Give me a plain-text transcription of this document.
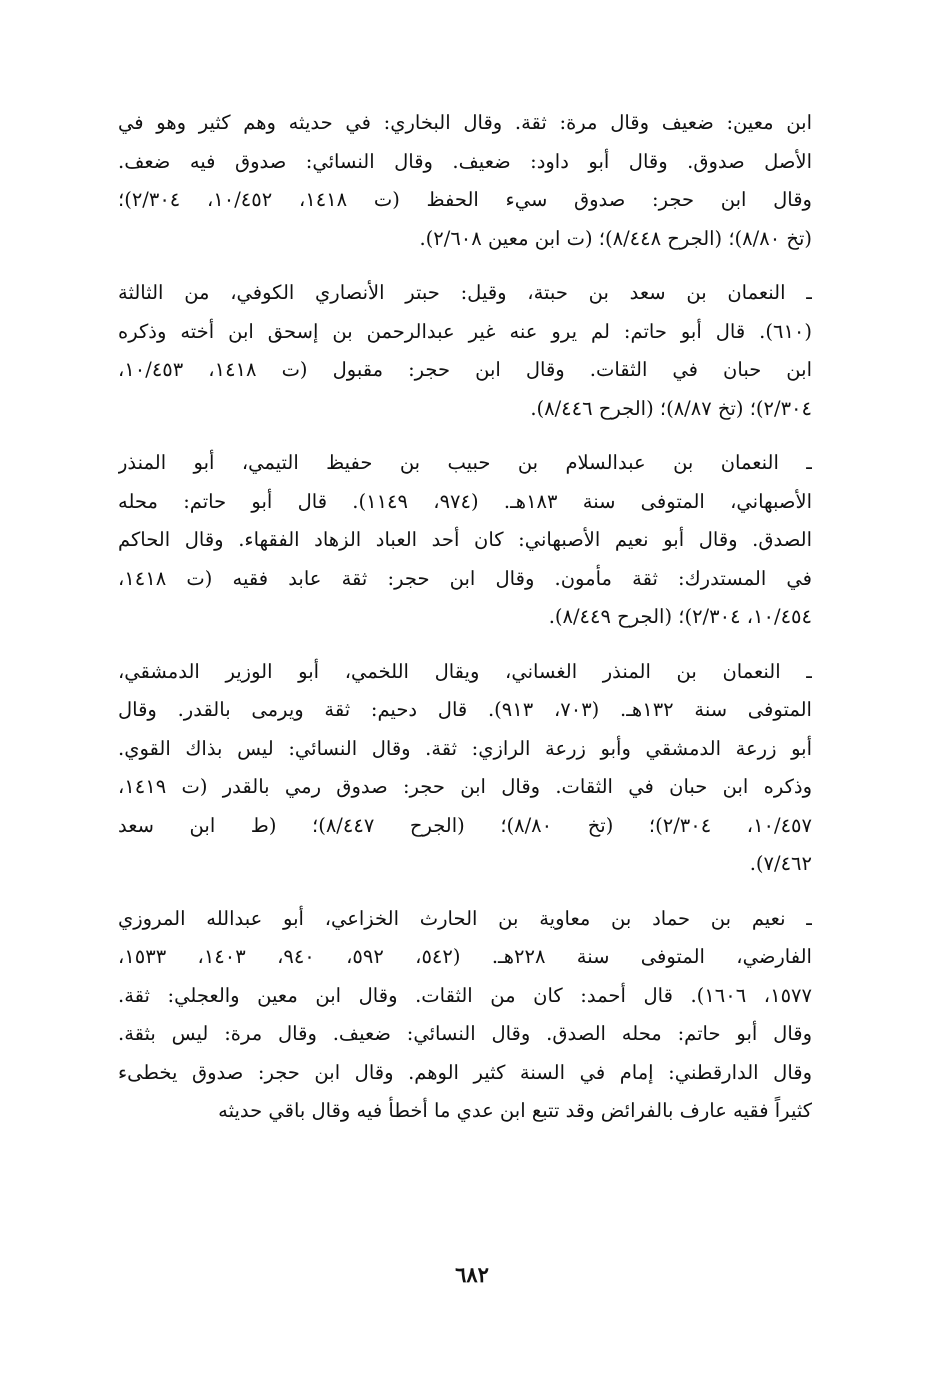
ابن معين: ضعيف وقال مرة: ثقة. وقال البخاري: في حديثه وهم كثير وهو في
الأصل صدوق. وقال أبو داود: ضعيف. وقال النسائي: صدوق فيه ضعف.
وقال ابن حجر: صدوق سيء الحفظ (ت ١٤١٨، ١٠/٤٥٢، ٢/٣٠٤)؛
(تخ ٨/٨٠)؛ (الجرح ٨/٤٤٨)؛ (ت ابن معين ٢/٦٠٨).
ـ النعمان بن سعد بن حبتة، وقيل: حبتر الأنصاري الكوفي، من الثالثة
(٦١٠). قال أبو حاتم: لم يرو عنه غير عبدالرحمن بن إسحق ابن أخته وذكره
ابن حبان في الثقات. وقال ابن حجر: مقبول (ت ١٤١٨، ١٠/٤٥٣،
٢/٣٠٤)؛ (تخ ٨/٨٧)؛ (الجرح ٨/٤٤٦).
ـ النعمان بن عبدالسلام بن حبيب بن حفيظ التيمي، أبو المنذر
الأصبهاني، المتوفى سنة ١٨٣هـ. (٩٧٤، ١١٤٩). قال أبو حاتم: محله
الصدق. وقال أبو نعيم الأصبهاني: كان أحد العباد الزهاد الفقهاء. وقال الحاكم
في المستدرك: ثقة مأمون. وقال ابن حجر: ثقة عابد فقيه (ت ١٤١٨،
١٠/٤٥٤، ٢/٣٠٤)؛ (الجرح ٨/٤٤٩).
ـ النعمان بن المنذر الغساني، ويقال اللخمي، أبو الوزير الدمشقي،
المتوفى سنة ١٣٢هـ. (٧٠٣، ٩١٣). قال دحيم: ثقة ويرمى بالقدر. وقال
أبو زرعة الدمشقي وأبو زرعة الرازي: ثقة. وقال النسائي: ليس بذاك القوي.
وذكره ابن حبان في الثقات. وقال ابن حجر: صدوق رمي بالقدر (ت ١٤١٩،
١٠/٤٥٧، ٢/٣٠٤)؛ (تخ ٨/٨٠)؛ (الجرح ٨/٤٤٧)؛ (ط ابن سعد
٧/٤٦٢).
ـ نعيم بن حماد بن معاوية بن الحارث الخزاعي، أبو عبدالله المروزي
الفارضي، المتوفى سنة ٢٢٨هـ. (٥٤٢، ٥٩٢، ٩٤٠، ١٤٠٣، ١٥٣٣،
١٥٧٧، ١٦٠٦). قال أحمد: كان من الثقات. وقال ابن معين والعجلي: ثقة.
وقال أبو حاتم: محله الصدق. وقال النسائي: ضعيف. وقال مرة: ليس بثقة.
وقال الدارقطني: إمام في السنة كثير الوهم. وقال ابن حجر: صدوق يخطىء
كثيراً فقيه عارف بالفرائض وقد تتبع ابن عدي ما أخطأ فيه وقال باقي حديثه
٦٨٢
